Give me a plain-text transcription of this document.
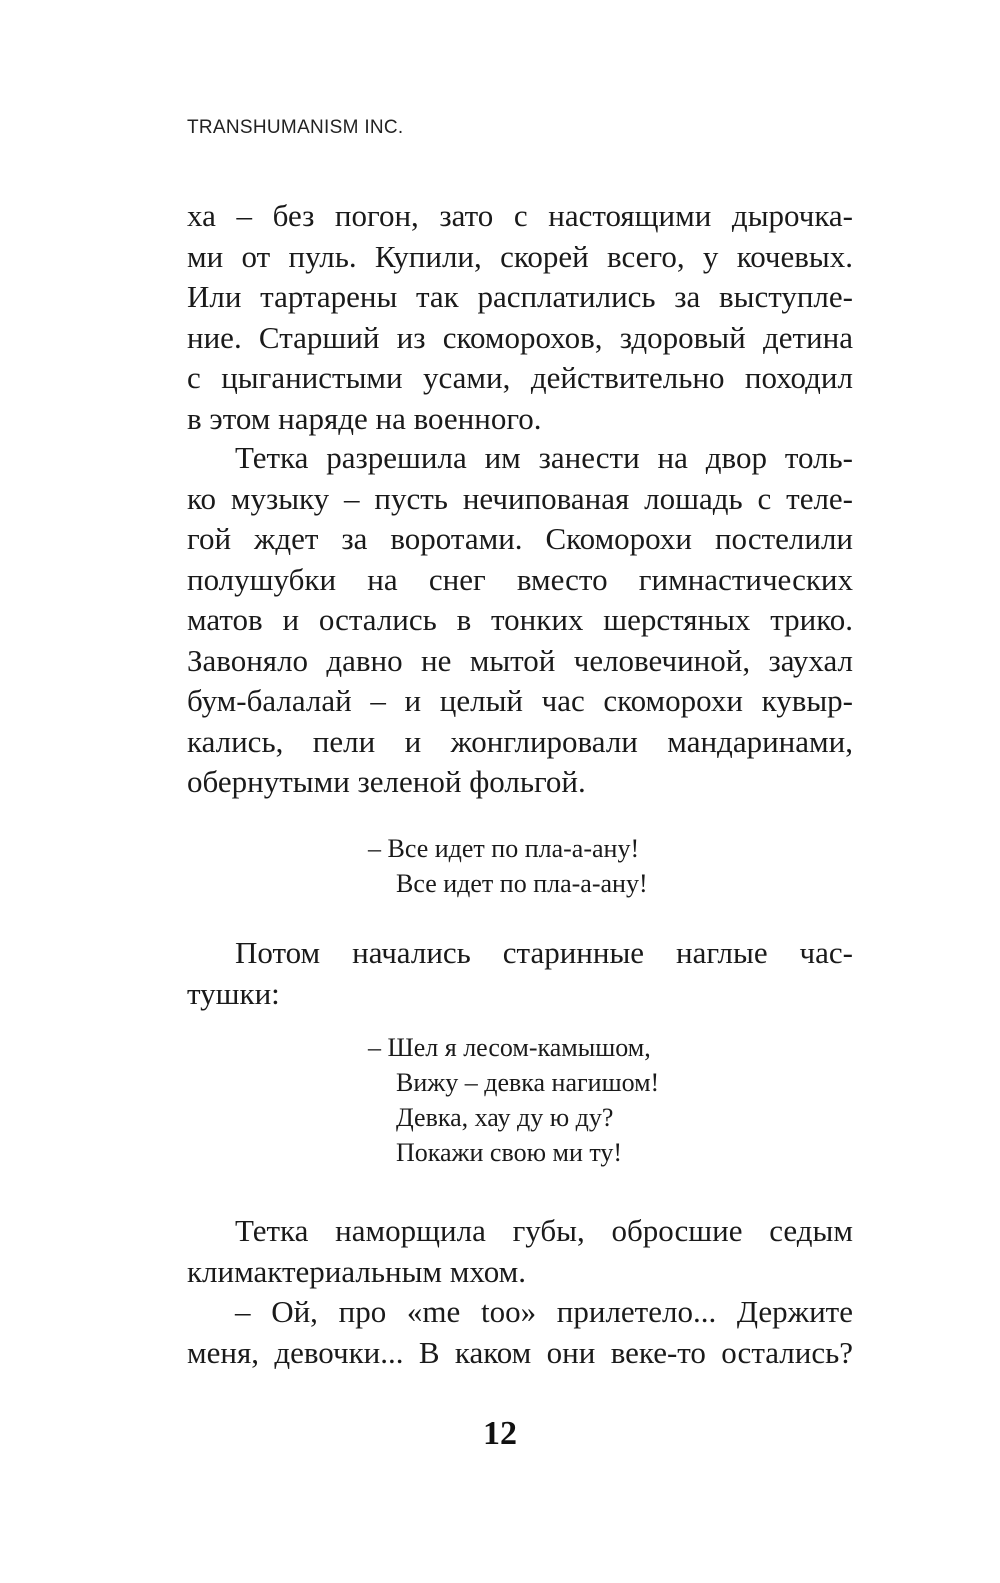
TRANSHUMANISM INC.
ха – без погон, зато с настоящими дырочка-
ми от пуль. Купили, скорей всего, у кочевых.
Или тартарены так расплатились за выступле-
ние. Старший из скоморохов, здоровый детина
с цыганистыми усами, действительно походил
в этом наряде на военного.
Тетка разрешила им занести на двор толь-
ко музыку – пусть нечипованая лошадь с теле-
гой ждет за воротами. Скоморохи постелили
полушубки на снег вместо гимнастических
матов и остались в тонких шерстяных трико.
Завоняло давно не мытой человечиной, заухал
бум-балалай – и целый час скоморохи кувыр-
кались, пели и жонглировали мандаринами,
обернутыми зеленой фольгой.
– Все идет по пла-а-ану!
Все идет по пла-а-ану!
Потом начались старинные наглые час-
тушки:
– Шел я лесом-камышом,
Вижу – девка нагишом!
Девка, хау ду ю ду?
Покажи свою ми ту!
Тетка наморщила губы, обросшие седым
климактериальным мхом.
– Ой, про «me too» прилетело... Держите
меня, девочки... В каком они веке-то остались?
12
